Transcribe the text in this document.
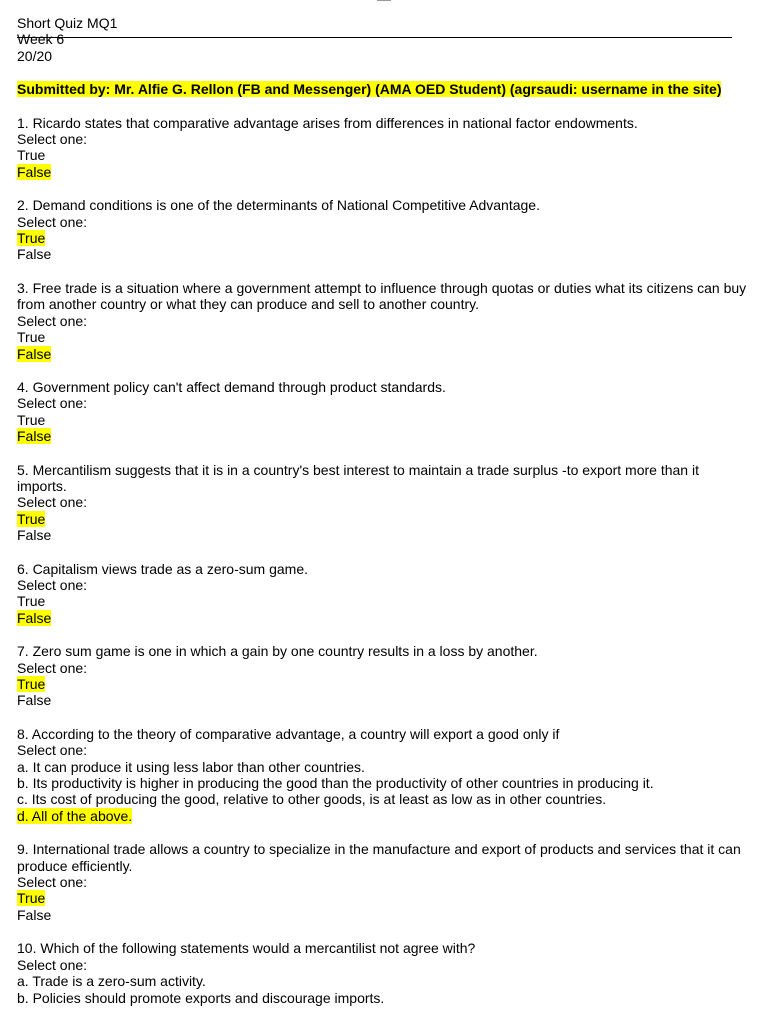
Short Quiz MQ1

Week 6

20/20

Submitted by: Mr. Alfie G. Rellon (FB and Messenger) (AMA OED Student) (agrsaudi: username in the site)

1. Ricardo states that comparative advantage arises from differences in national factor endowments.

Select one:

True

False

2. Demand conditions is one of the determinants of National Competitive Advantage.

Select one:

True

False

3. Free trade is a situation where a government attempt to influence through quotas or duties what its citizens can buy from another country or what they can produce and sell to another country.

Select one:

True

False

4. Government policy can't affect demand through product standards.

Select one:

True

False

5. Mercantilism suggests that it is in a country's best interest to maintain a trade surplus -to export more than it imports.

Select one:

True

False

6. Capitalism views trade as a zero-sum game.

Select one:

True

False

7. Zero sum game is one in which a gain by one country results in a loss by another.

Select one:

True

False

8. According to the theory of comparative advantage, a country will export a good only if

Select one:

a. It can produce it using less labor than other countries.

b. Its productivity is higher in producing the good than the productivity of other countries in producing it.

c. Its cost of producing the good, relative to other goods, is at least as low as in other countries.

d. All of the above.

9. International trade allows a country to specialize in the manufacture and export of products and services that it can produce efficiently.

Select one:

True

False

10. Which of the following statements would a mercantilist not agree with?

Select one:

a. Trade is a zero-sum activity.

b. Policies should promote exports and discourage imports.
